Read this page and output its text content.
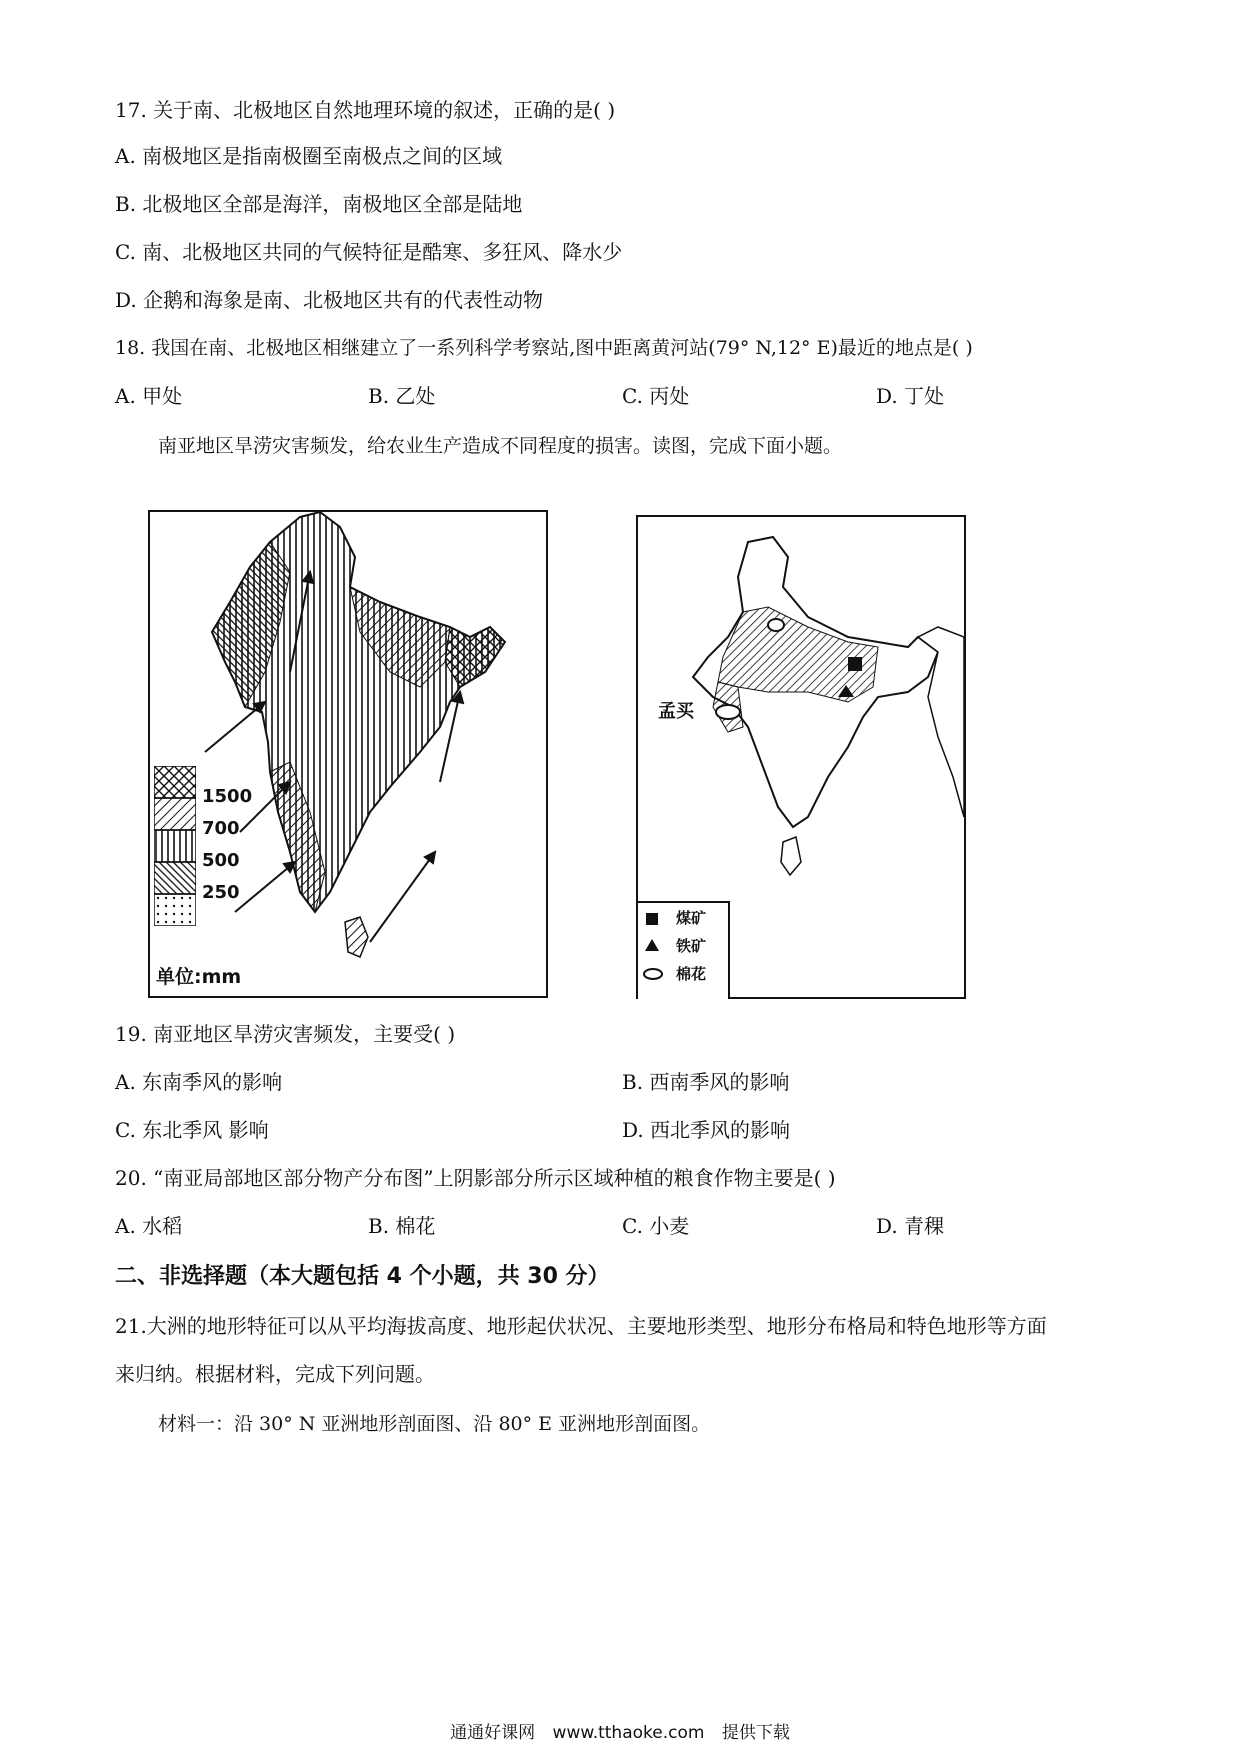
17. 关于南、北极地区自然地理环境的叙述，正确的是( )
A. 南极地区是指南极圈至南极点之间的区域
B. 北极地区全部是海洋，南极地区全部是陆地
C. 南、北极地区共同的气候特征是酷寒、多狂风、降水少
D. 企鹅和海象是南、北极地区共有的代表性动物
18. 我国在南、北极地区相继建立了一系列科学考察站,图中距离黄河站(79° N,12° E)最近的地点是( )
A. 甲处	B. 乙处	C. 丙处	D. 丁处
南亚地区旱涝灾害频发，给农业生产造成不同程度的损害。读图，完成下面小题。
1500
700
500
250
单位:mm
孟买
煤矿
铁矿
棉花
19. 南亚地区旱涝灾害频发，主要受( )
A. 东南季风的影响	B. 西南季风的影响
C. 东北季风 影响	D. 西北季风的影响
20. “南亚局部地区部分物产分布图”上阴影部分所示区域种植的粮食作物主要是( )
A. 水稻	B. 棉花	C. 小麦	D. 青稞
二、非选择题（本大题包括 4 个小题，共 30 分）
21.大洲的地形特征可以从平均海拔高度、地形起伏状况、主要地形类型、地形分布格局和特色地形等方面
来归纳。根据材料，完成下列问题。
材料一：沿 30° N 亚洲地形剖面图、沿 80° E 亚洲地形剖面图。
通通好课网 www.tthaoke.com 提供下载
